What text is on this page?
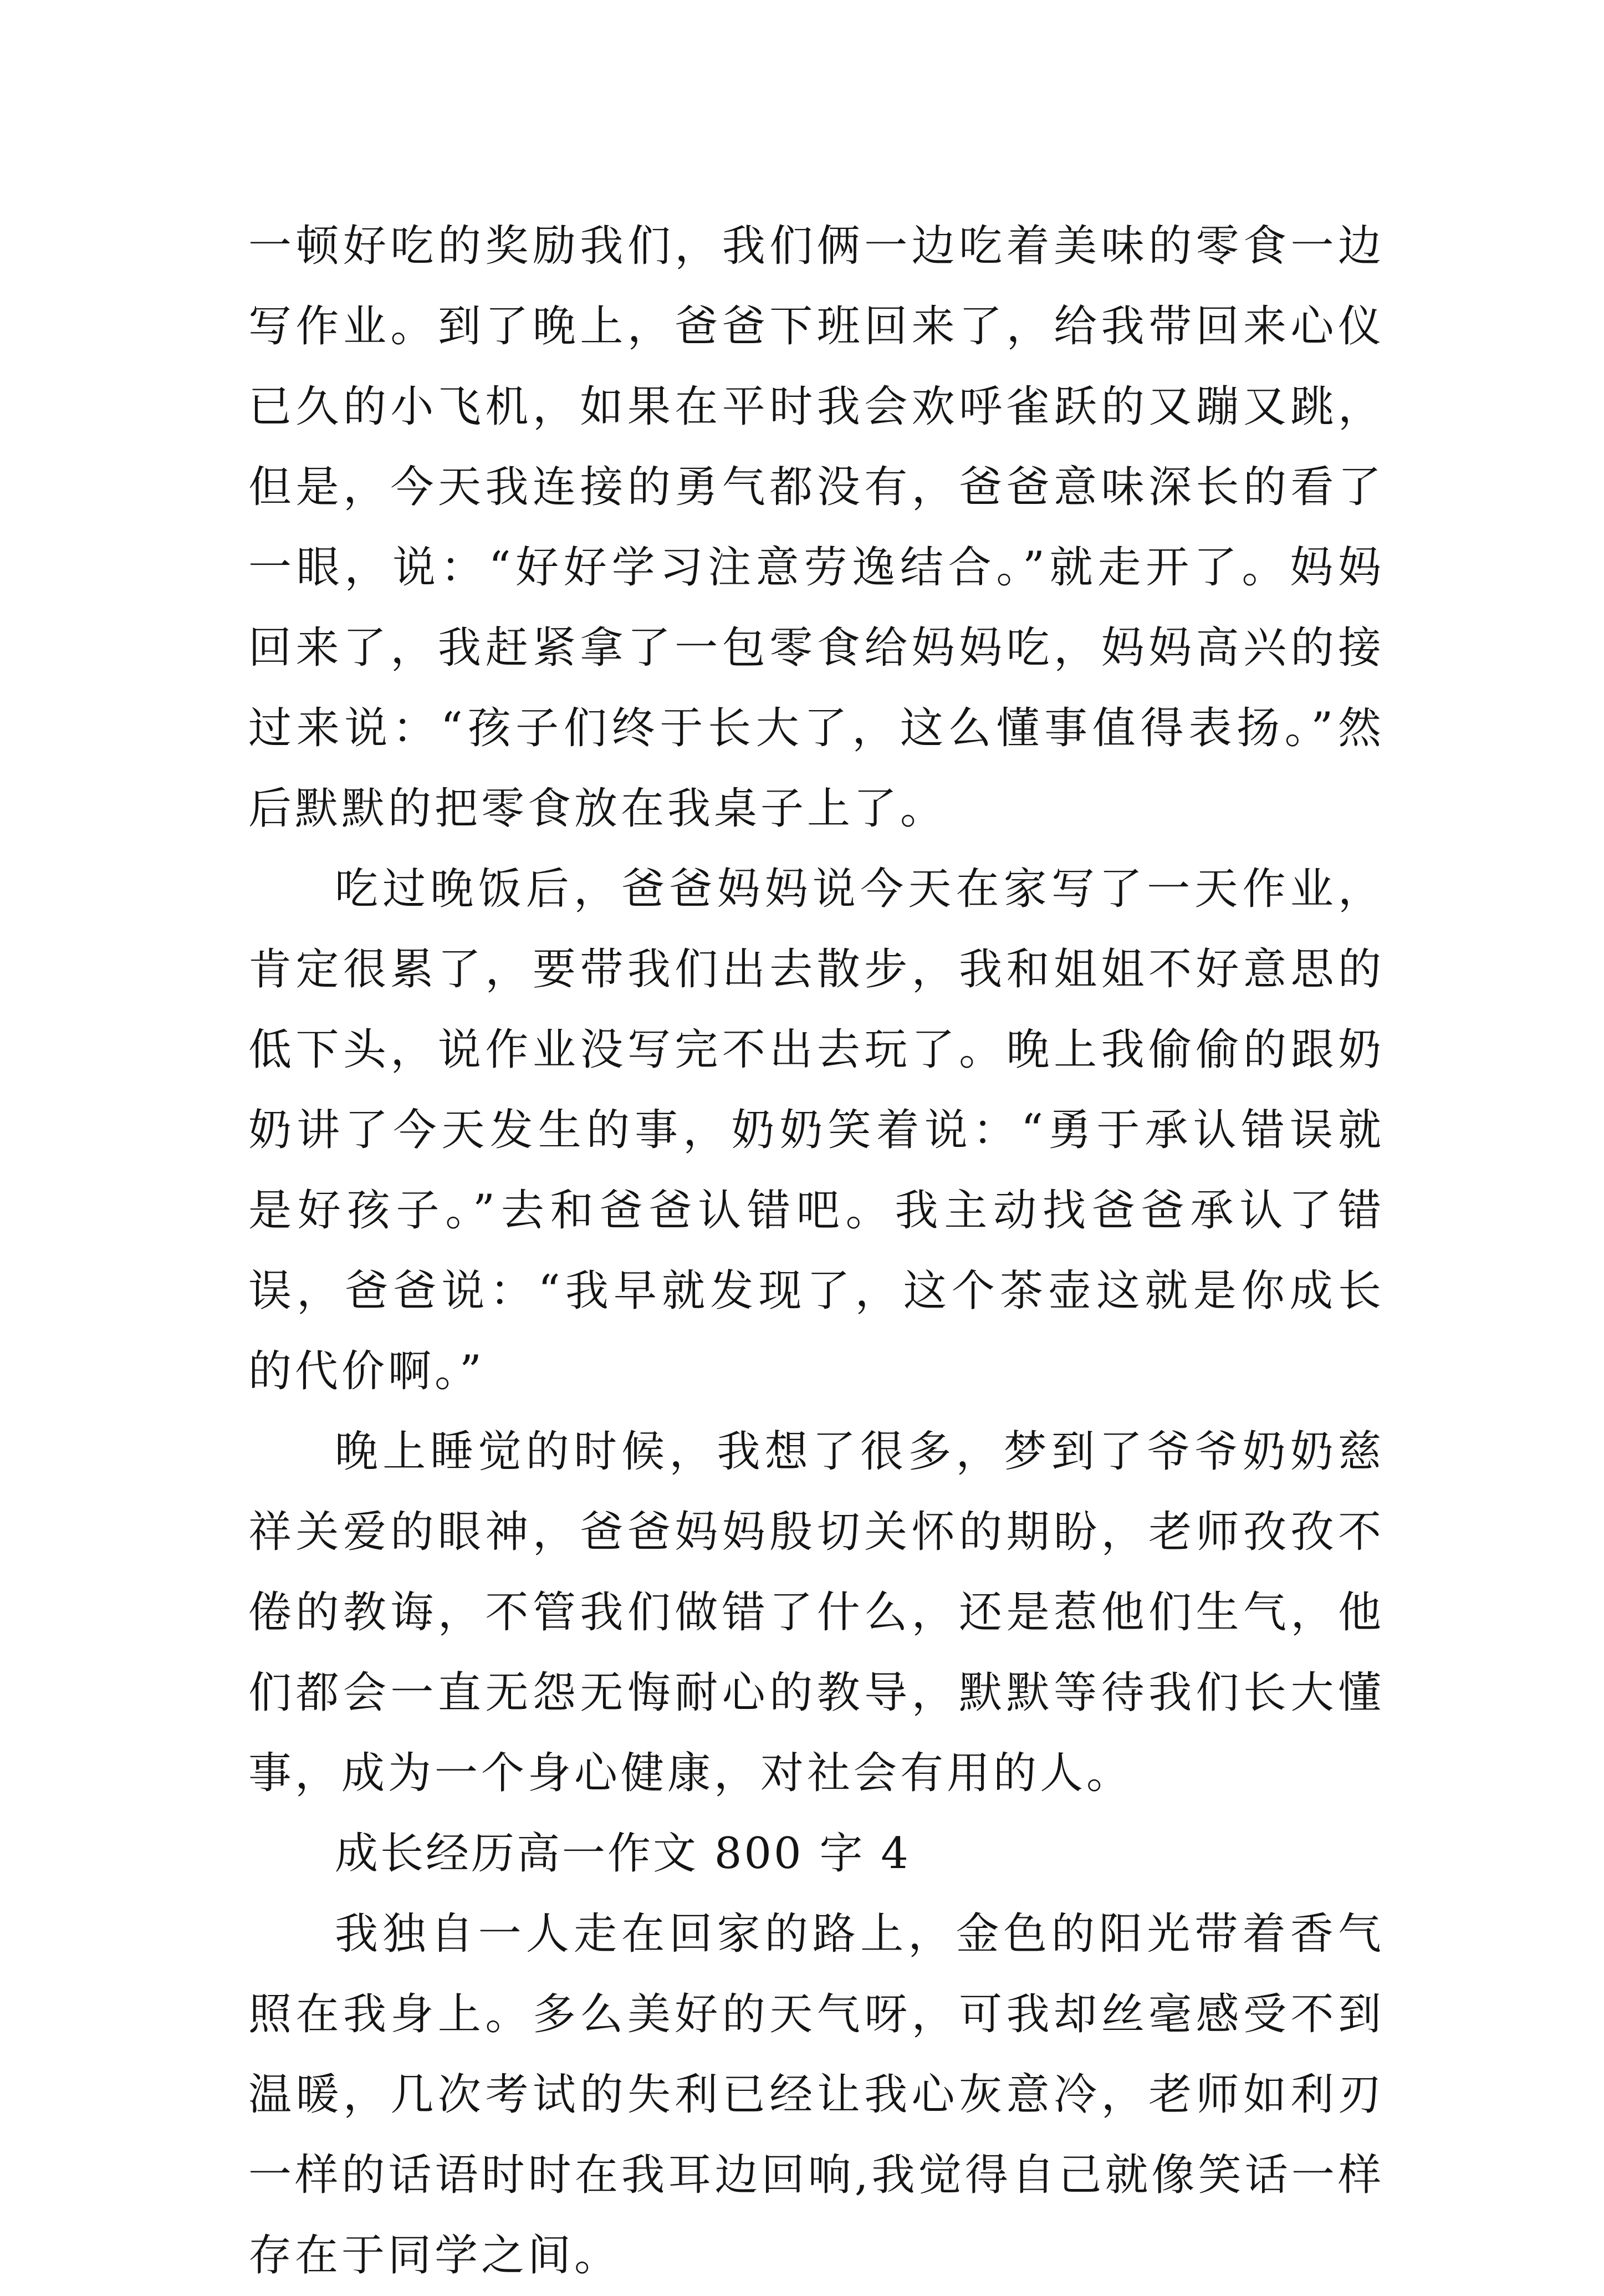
一顿好吃的奖励我们，我们俩一边吃着美味的零食一边写作业。到了晚上，爸爸下班回来了，给我带回来心仪已久的小飞机，如果在平时我会欢呼雀跃的又蹦又跳，但是，今天我连接的勇气都没有，爸爸意味深长的看了一眼，说：“好好学习注意劳逸结合。”就走开了。妈妈回来了，我赶紧拿了一包零食给妈妈吃，妈妈高兴的接过来说：“孩子们终于长大了，这么懂事值得表扬。”然后默默的把零食放在我桌子上了。

吃过晚饭后，爸爸妈妈说今天在家写了一天作业，肯定很累了，要带我们出去散步，我和姐姐不好意思的低下头，说作业没写完不出去玩了。晚上我偷偷的跟奶奶讲了今天发生的事，奶奶笑着说：“勇于承认错误就是好孩子。”去和爸爸认错吧。我主动找爸爸承认了错误，爸爸说：“我早就发现了，这个茶壶这就是你成长的代价啊。”

晚上睡觉的时候，我想了很多，梦到了爷爷奶奶慈祥关爱的眼神，爸爸妈妈殷切关怀的期盼，老师孜孜不倦的教诲，不管我们做错了什么，还是惹他们生气，他们都会一直无怨无悔耐心的教导，默默等待我们长大懂事，成为一个身心健康，对社会有用的人。

成长经历高一作文 800 字 4

我独自一人走在回家的路上，金色的阳光带着香气照在我身上。多么美好的天气呀，可我却丝毫感受不到温暖，几次考试的失利已经让我心灰意冷，老师如利刃一样的话语时时在我耳边回响,我觉得自己就像笑话一样存在于同学之间。
